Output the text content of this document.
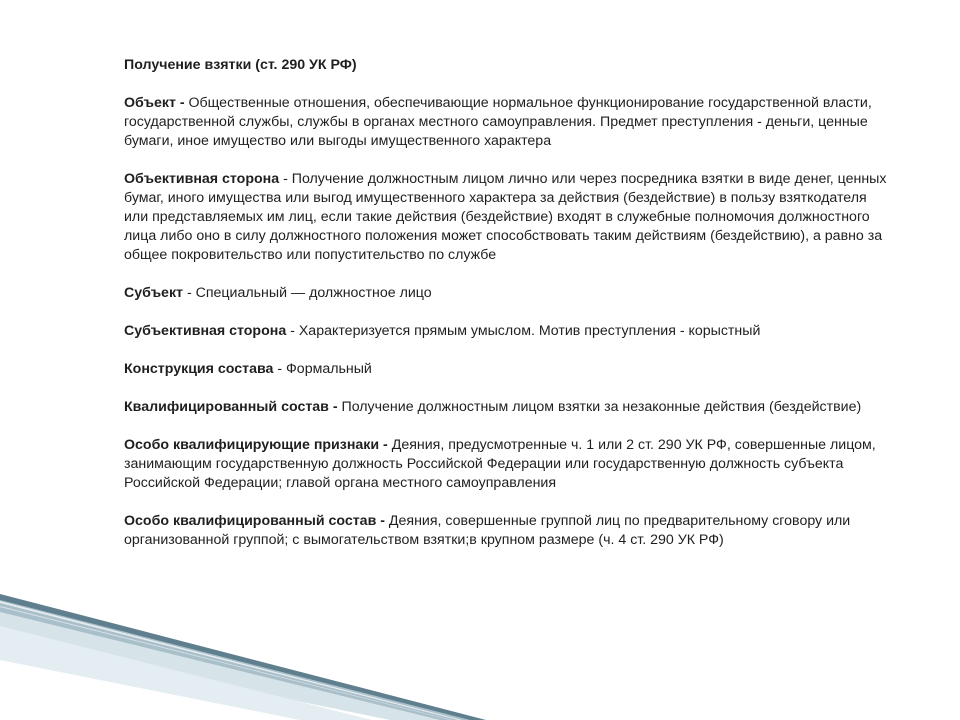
Получение взятки (ст. 290 УК РФ)
Объект - Общественные отношения, обеспечивающие нормальное функционирование государственной власти, государственной службы, службы в органах местного самоуправления. Предмет преступления - деньги, ценные бумаги, иное имущество или выгоды имущественного характера
Объективная сторона - Получение должностным лицом лично или через посредника взятки в виде денег, ценных бумаг, иного имущества или выгод имущественного характера за действия (бездействие) в пользу взяткодателя или представляемых им лиц, если такие действия (бездействие) входят в служебные полномочия должностного лица либо оно в силу должностного положения может способствовать таким действиям (бездействию), а равно за общее покровительство или попустительство по службе
Субъект - Специальный — должностное лицо
Субъективная сторона - Характеризуется прямым умыслом. Мотив преступления - корыстный
Конструкция состава - Формальный
Квалифицированный состав - Получение должностным лицом взятки за незаконные действия (бездействие)
Особо квалифицирующие признаки - Деяния, предусмотренные ч. 1 или 2 ст. 290 УК РФ, совершенные лицом, занимающим государственную должность Российской Федерации или государственную должность субъекта Российской Федерации; главой органа местного самоуправления
Особо квалифицированный состав - Деяния, совершенные группой лиц по предварительному сговору или организованной группой; с вымогательством взятки;в крупном размере (ч. 4 ст. 290 УК РФ)
